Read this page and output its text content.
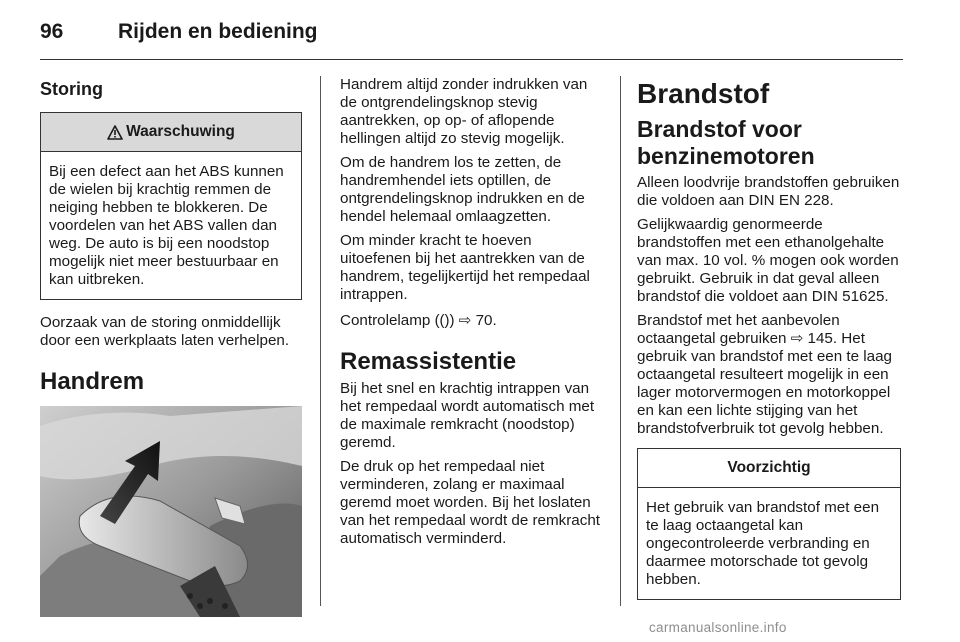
96	Rijden en bediening
Storing
Waarschuwing
Bij een defect aan het ABS kunnen de wielen bij krachtig remmen de neiging hebben te blokkeren. De voordelen van het ABS vallen dan weg. De auto is bij een noodstop mogelijk niet meer bestuurbaar en kan uitbreken.
Oorzaak van de storing onmiddellijk door een werkplaats laten verhelpen.
Handrem
Handrem altijd zonder indrukken van de ontgrendelingsknop stevig aantrekken, op op- of aflopende hellingen altijd zo stevig mogelijk.
Om de handrem los te zetten, de handremhendel iets optillen, de ontgrendelingsknop indrukken en de hendel helemaal omlaagzetten.
Om minder kracht te hoeven uitoefenen bij het aantrekken van de handrem, tegelijkertijd het rempedaal intrappen.
Controlelamp (()) ⇨ 70.
Remassistentie
Bij het snel en krachtig intrappen van het rempedaal wordt automatisch met de maximale remkracht (noodstop) geremd.
De druk op het rempedaal niet verminderen, zolang er maximaal geremd moet worden. Bij het loslaten van het rempedaal wordt de remkracht automatisch verminderd.
Brandstof
Brandstof voor benzinemotoren
Alleen loodvrije brandstoffen gebruiken die voldoen aan DIN EN 228.
Gelijkwaardig genormeerde brandstoffen met een ethanolgehalte van max. 10 vol. % mogen ook worden gebruikt. Gebruik in dat geval alleen brandstof die voldoet aan DIN 51625.
Brandstof met het aanbevolen octaangetal gebruiken ⇨ 145. Het gebruik van brandstof met een te laag octaangetal resulteert mogelijk in een lager motorvermogen en motorkoppel en kan een lichte stijging van het brandstofverbruik tot gevolg hebben.
Voorzichtig
Het gebruik van brandstof met een te laag octaangetal kan ongecontroleerde verbranding en daarmee motorschade tot gevolg hebben.
carmanualsonline.info
